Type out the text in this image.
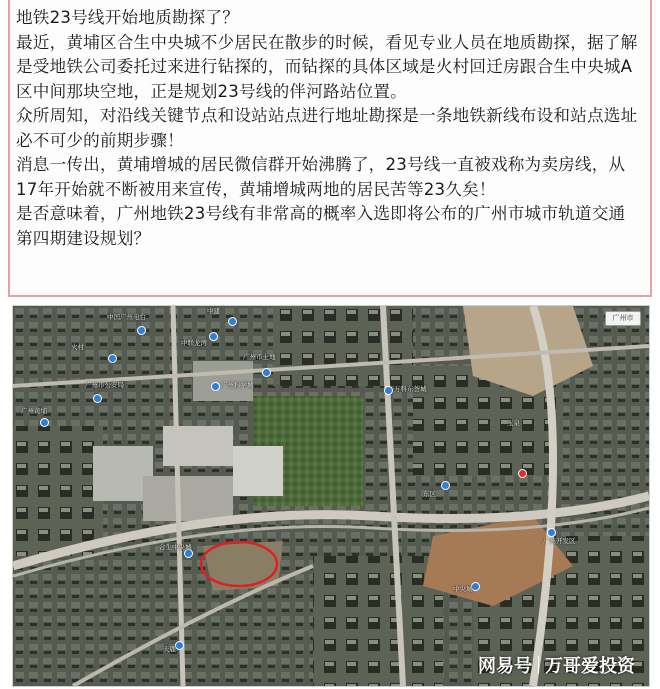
地铁23号线开始地质勘探了？

最近，黄埔区合生中央城不少居民在散步的时候，看见专业人员在地质勘探，据了解是受地铁公司委托过来进行钻探的，而钻探的具体区域是火村回迁房跟合生中央城A区中间那块空地，正是规划23号线的伴河路站位置。

众所周知，对沿线关键节点和设站站点进行地址勘探是一条地铁新线布设和站点选址必不可少的前期步骤！

消息一传出，黄埔增城的居民微信群开始沸腾了，23号线一直被戏称为卖房线，从17年开始就不断被用来宣传，黄埔增城两地的居民苦等23久矣！

是否意味着，广州地铁23号线有非常高的概率入选即将公布的广州市城市轨道交通第四期建设规划？

广州市
中国广州电台
中建
中联龙湾
火村
广州市土地
广州市公安局	广州科学城
广州黄埔
万科东荟城
玉泉
东区
合生中央城
广州开发区
中央城
天鹿
网易号 万哥爱投资
